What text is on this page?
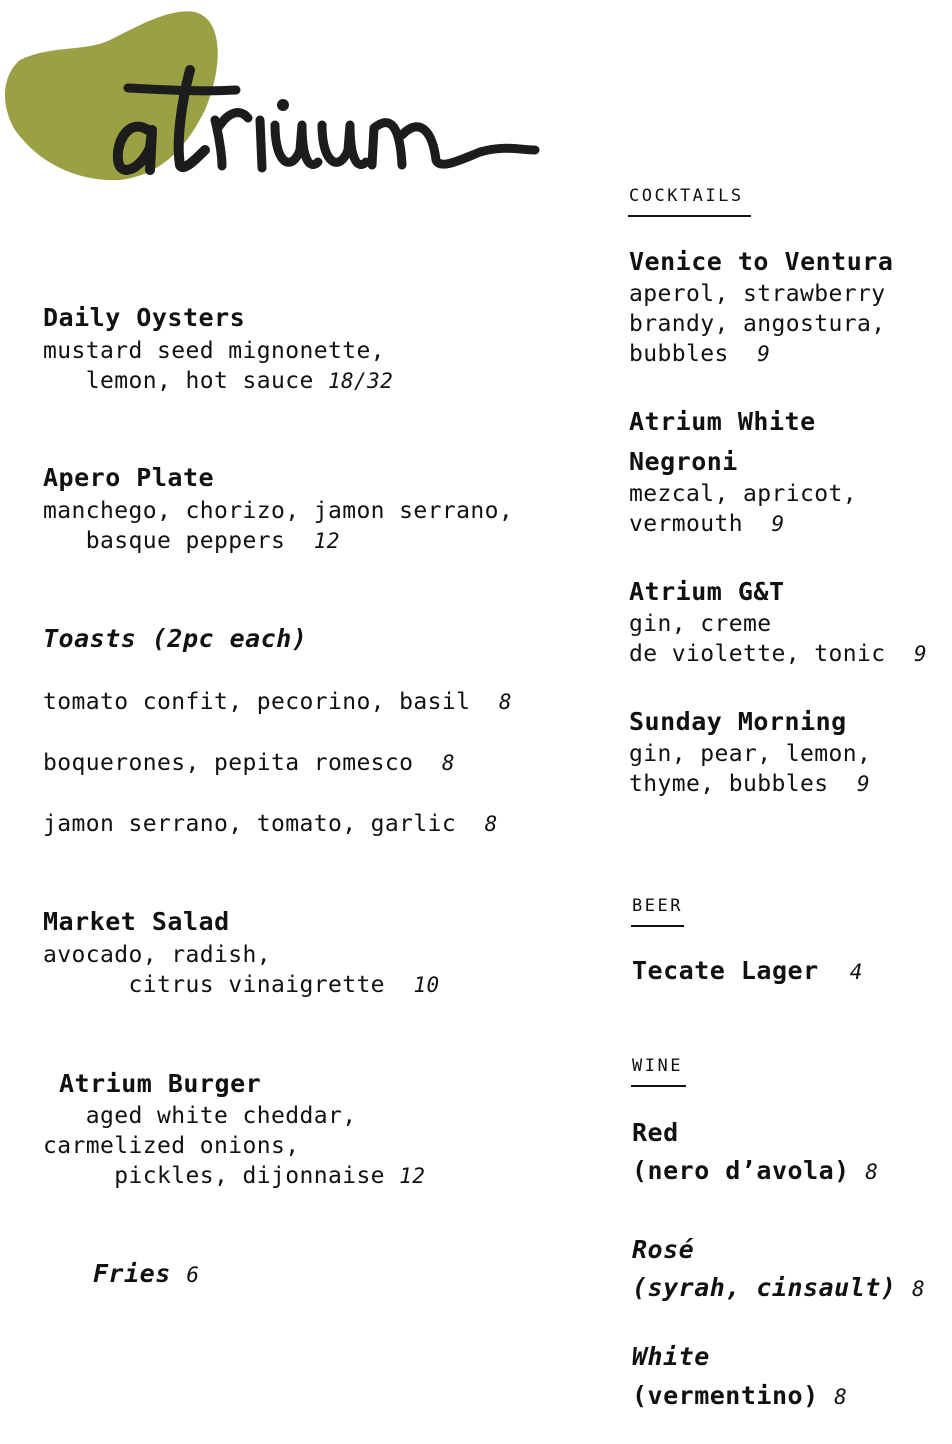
Daily Oysters
mustard seed mignonette,
lemon, hot sauce 18/32
Apero Plate
manchego, chorizo, jamon serrano,
basque peppers  12
Toasts (2pc each)
tomato confit, pecorino, basil  8
boquerones, pepita romesco  8
jamon serrano, tomato, garlic  8
Market Salad
avocado, radish,
citrus vinaigrette  10
Atrium Burger
aged white cheddar,
carmelized onions,
pickles, dijonnaise 12
Fries 6
COCKTAILS
Venice to Ventura
aperol, strawberry
brandy, angostura,
bubbles  9
Atrium White
Negroni
mezcal, apricot,
vermouth  9
Atrium G&T
gin, creme
de violette, tonic  9
Sunday Morning
gin, pear, lemon,
thyme, bubbles  9
BEER
Tecate Lager 4
WINE
Red
(nero d’avola) 8
Rosé
(syrah, cinsault) 8
White
(vermentino) 8
